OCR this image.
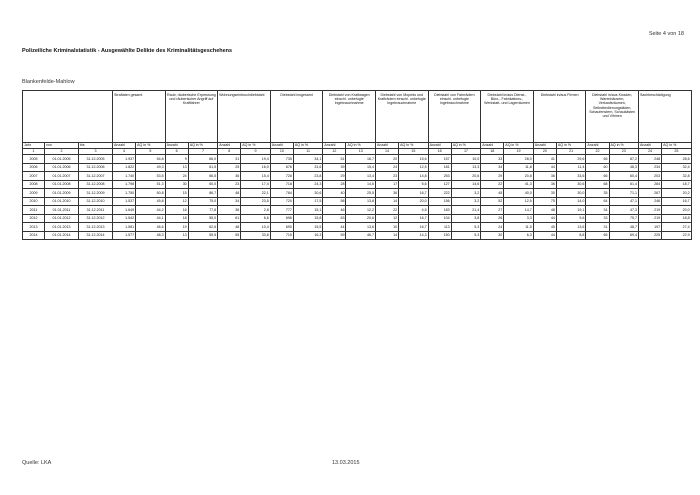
Seite 4 von 18
Polizeiliche Kriminalstatistik - Ausgewählte Delikte des Kriminalitätsgeschehens
Blankenfelde-Mahlow
			Straftaten gesamt		Raub, räuberische Erpressung und räuberischer Angriff auf Kraftfahrer		Wohnungseinbruchdiebstahl		Diebstahl insgesamt		Diebstahl von Kraftwagen einschl. unbefugte Ingebrauchnahme		Diebstahl von Mopeds und Krafträdern einschl. unbefugte Ingebrauchnahme		Diebstahl von Fahrrädern einschl. unbefugte Ingebrauchnahme		Diebstahl in/aus Dienst-, Büro-, Fabrikations-, Werkstatt- und Lagerräumen		Diebstahl in/aus Firmen		Diebstahl in/aus Kiosken, Warenhäusern, Verkaufsräumen, Selbstbedienungsläden, Schaufenstern, Schaukästen und Vitrinen		Sachbeschädigung	
Jahr	von	bis	Anzahl	AQ in %	Anzahl	AQ in %	Anzahl	AQ in %	Anzahl	AQ in %	Anzahl	AQ in %	Anzahl	AQ in %	Anzahl	AQ in %	Anzahl	AQ in %	Anzahl	AQ in %	Anzahl	AQ in %	Anzahl	AQ in %
1	2	3	4	5	6	7	8	9	10	11	12	13	14	15	16	17	18	19	20	21	22	23	24	25
2005	01.01.2005	31.12.2005	1.937	54,8	9	66,0	31	19,4	735	34,1	51	16,7	20	15,6	157	10,0	33	28,0	41	29,6	65	87,2	248	28,6
2006	01.01.2006	31.12.2006	1.822	49,3	13	61,5	25	16,0	676	31,6	39	15,4	24	12,5	181	13,3	34	11,8	44	11,4	60	48,3	234	32,4
2007	01.01.2007	31.12.2007	1.740	53,5	24	66,5	36	15,4	728	23,8	29	13,4	23	14,8	253	20,6	29	20,8	36	33,6	66	60,4	203	32,8
2008	01.01.2008	31.12.2008	1.798	51,3	30	60,0	23	17,4	718	24,3	28	14,6	17	5,6	127	14,6	22	41,3	36	30,6	68	61,4	284	18,7
2009	01.01.2009	31.12.2009	1.750	50,8	15	86,7	48	22,1	784	30,6	40	25,5	36	16,7	222	3,2	45	40,0	30	30,0	35	71,1	267	20,2
2010	01.01.2010	31.12.2010	1.537	45,8	12	75,0	34	23,5	720	17,5	58	13,8	14	20,0	156	3,2	52	12,5	75	14,0	64	47,1	246	16,7
2011	01.01.2011	31.12.2011	1.649	44,2	16	77,8	36	2,8	777	15,1	46	12,2	22	4,5	183	21,4	27	14,7	48	19,1	34	47,3	219	20,0
2012	01.01.2012	31.12.2012	1.542	44,1	18	55,0	61	6,6	696	15,8	63	20,6	12	16,7	104	3,8	26	3,3	44	9,6	33	75,7	219	18,8
2013	01.01.2013	31.12.2013	1.581	46,6	19	62,6	48	10,4	690	15,5	44	13,6	10	16,7	113	5,3	24	11,5	45	13,6	31	48,7	197	27,4
2014	01.01.2014	31.12.2014	1.577	48,3	13	59,5	55	33,8	715	16,3	59	46,7	14	14,3	150	5,3	30	6,3	44	8,8	65	69,4	225	22,9
Quelle: LKA	13.03.2015
